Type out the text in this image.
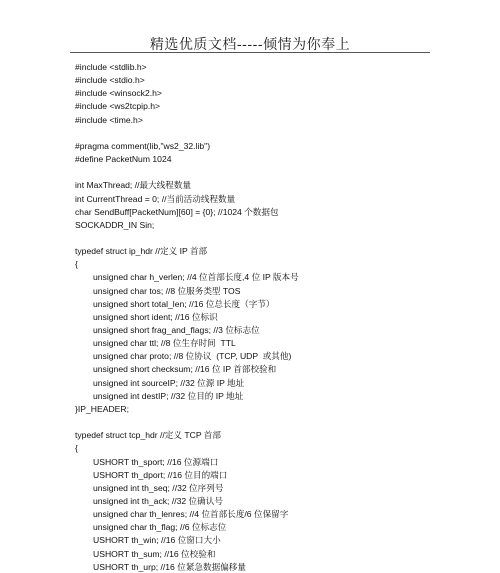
精选优质文档-----倾情为你奉上
#include <stdlib.h>
#include <stdio.h>
#include <winsock2.h>
#include <ws2tcpip.h>
#include <time.h>
#pragma comment(lib,"ws2_32.lib")
#define PacketNum 1024
int MaxThread; //最大线程数量
int CurrentThread = 0; //当前活动线程数量
char SendBuff[PacketNum][60] = {0}; //1024 个数据包
SOCKADDR_IN Sin;
typedef struct ip_hdr //定义 IP 首部
{
unsigned char h_verlen; //4 位首部长度,4 位 IP 版本号
unsigned char tos; //8 位服务类型 TOS
unsigned short total_len; //16 位总长度（字节）
unsigned short ident; //16 位标识
unsigned short frag_and_flags; //3 位标志位
unsigned char ttl; //8 位生存时间  TTL
unsigned char proto; //8 位协议  (TCP, UDP  或其他)
unsigned short checksum; //16 位 IP 首部校验和
unsigned int sourceIP; //32 位源 IP 地址
unsigned int destIP; //32 位目的 IP 地址
}IP_HEADER;
typedef struct tcp_hdr //定义 TCP 首部
{
USHORT th_sport; //16 位源端口
USHORT th_dport; //16 位目的端口
unsigned int th_seq; //32 位序列号
unsigned int th_ack; //32 位确认号
unsigned char th_lenres; //4 位首部长度/6 位保留字
unsigned char th_flag; //6 位标志位
USHORT th_win; //16 位窗口大小
USHORT th_sum; //16 位校验和
USHORT th_urp; //16 位紧急数据偏移量
